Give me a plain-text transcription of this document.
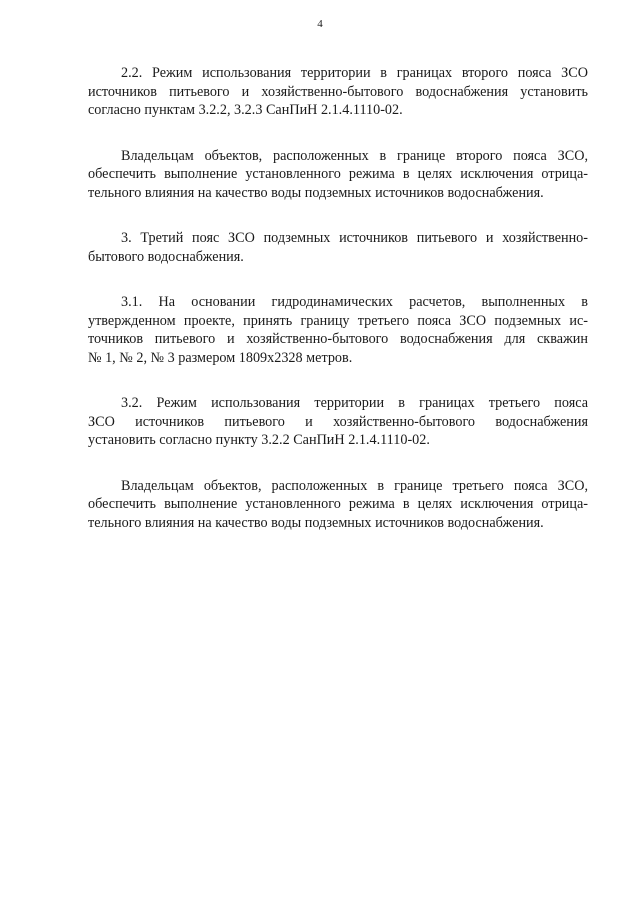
4

2.2. Режим использования территории в границах второго пояса ЗСО
источников питьевого и хозяйственно-бытового водоснабжения установить
согласно пунктам 3.2.2, 3.2.3 СанПиН 2.1.4.1110-02.

Владельцам объектов, расположенных в границе второго пояса ЗСО,
обеспечить выполнение установленного режима в целях исключения отрица-
тельного влияния на качество воды подземных источников водоснабжения.

3. Третий пояс ЗСО подземных источников питьевого и хозяйственно-
бытового водоснабжения.

3.1. На основании гидродинамических расчетов, выполненных в
утвержденном проекте, принять границу третьего пояса ЗСО подземных ис-
точников питьевого и хозяйственно-бытового водоснабжения для скважин
№ 1, № 2, № 3 размером 1809х2328 метров.

3.2. Режим использования территории в границах третьего пояса
ЗСО источников питьевого и хозяйственно-бытового водоснабжения
установить согласно пункту 3.2.2 СанПиН 2.1.4.1110-02.

Владельцам объектов, расположенных в границе третьего пояса ЗСО,
обеспечить выполнение установленного режима в целях исключения отрица-
тельного влияния на качество воды подземных источников водоснабжения.
